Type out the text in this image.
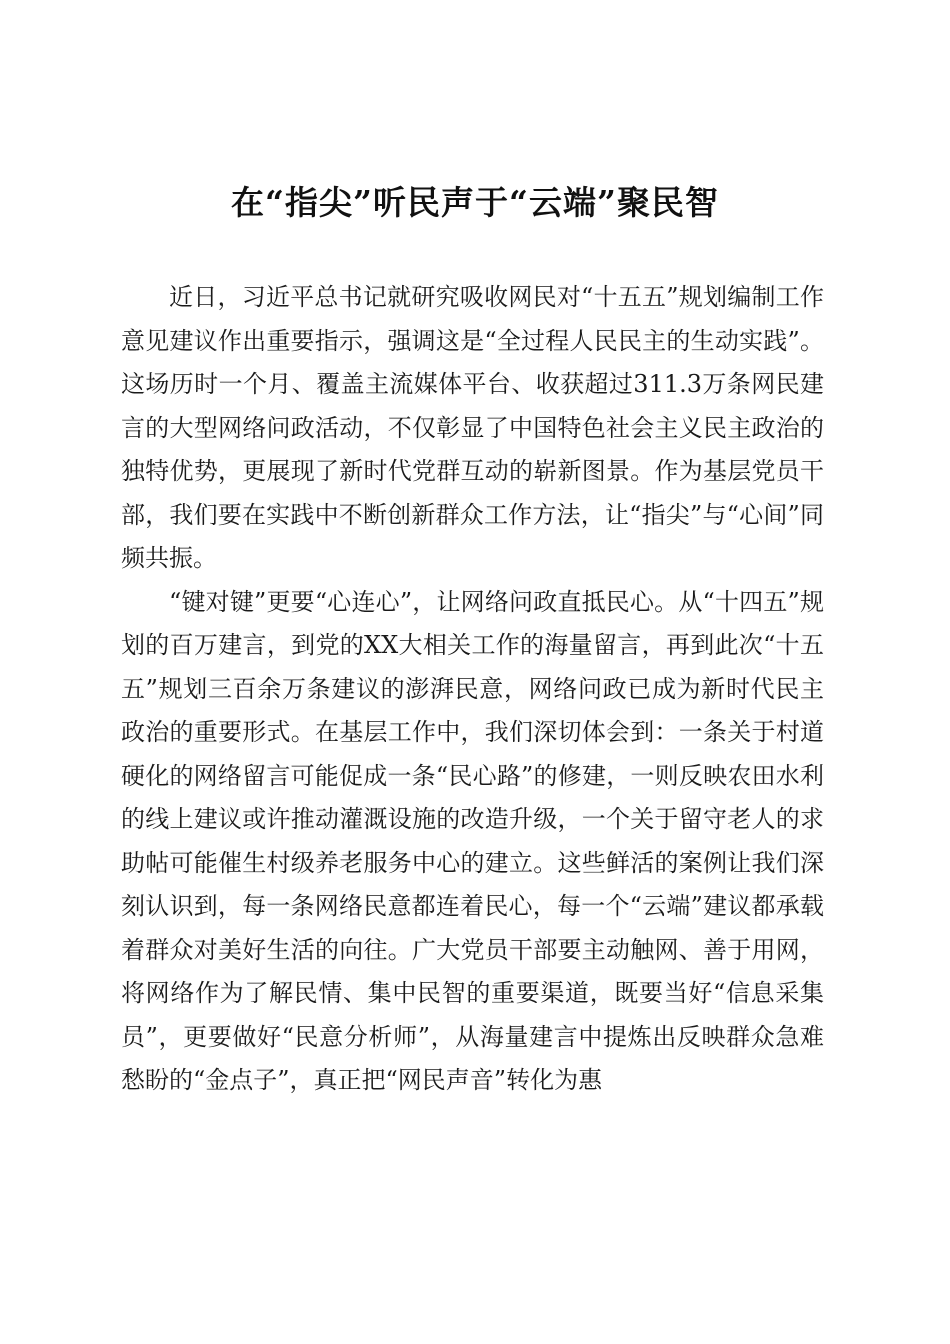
在“指尖”听民声于“云端”聚民智

近日，习近平总书记就研究吸收网民对“十五五”规划编制工作意见建议作出重要指示，强调这是“全过程人民民主的生动实践”。这场历时一个月、覆盖主流媒体平台、收获超过311.3万条网民建言的大型网络问政活动，不仅彰显了中国特色社会主义民主政治的独特优势，更展现了新时代党群互动的崭新图景。作为基层党员干部，我们要在实践中不断创新群众工作方法，让“指尖”与“心间”同频共振。

“键对键”更要“心连心”，让网络问政直抵民心。从“十四五”规划的百万建言，到党的XX大相关工作的海量留言，再到此次“十五五”规划三百余万条建议的澎湃民意，网络问政已成为新时代民主政治的重要形式。在基层工作中，我们深切体会到：一条关于村道硬化的网络留言可能促成一条“民心路”的修建，一则反映农田水利的线上建议或许推动灌溉设施的改造升级，一个关于留守老人的求助帖可能催生村级养老服务中心的建立。这些鲜活的案例让我们深刻认识到，每一条网络民意都连着民心，每一个“云端”建议都承载着群众对美好生活的向往。广大党员干部要主动触网、善于用网，将网络作为了解民情、集中民智的重要渠道，既要当好“信息采集员”，更要做好“民意分析师”，从海量建言中提炼出反映群众急难愁盼的“金点子”，真正把“网民声音”转化为惠
